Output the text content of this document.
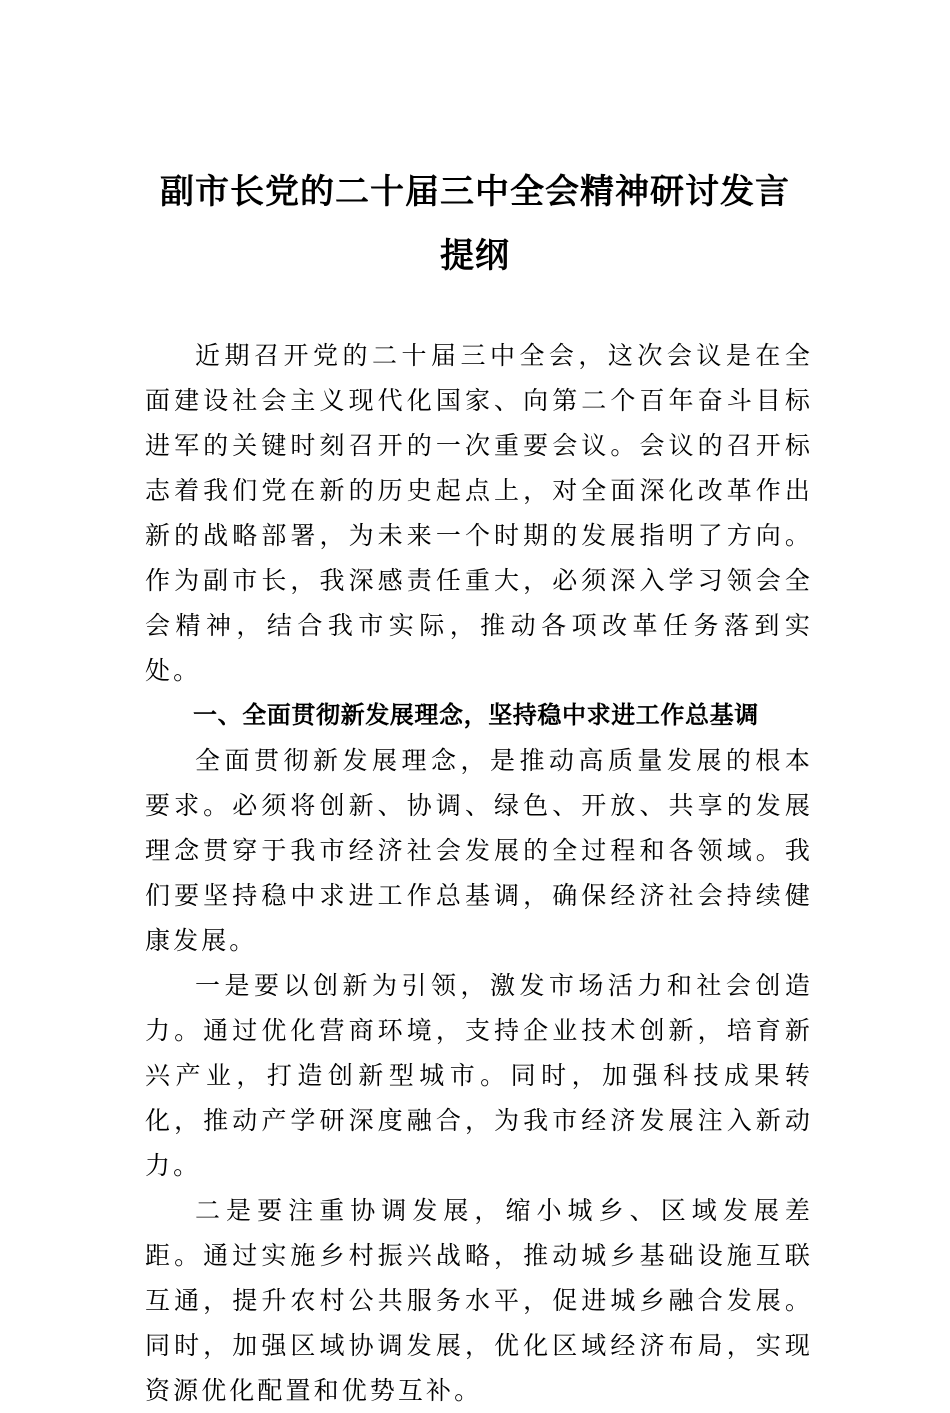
副市长党的二十届三中全会精神研讨发言
提纲

近期召开党的二十届三中全会，这次会议是在全面建设社会主义现代化国家、向第二个百年奋斗目标进军的关键时刻召开的一次重要会议。会议的召开标志着我们党在新的历史起点上，对全面深化改革作出新的战略部署，为未来一个时期的发展指明了方向。作为副市长，我深感责任重大，必须深入学习领会全会精神，结合我市实际，推动各项改革任务落到实处。

一、全面贯彻新发展理念，坚持稳中求进工作总基调

全面贯彻新发展理念，是推动高质量发展的根本要求。必须将创新、协调、绿色、开放、共享的发展理念贯穿于我市经济社会发展的全过程和各领域。我们要坚持稳中求进工作总基调，确保经济社会持续健康发展。

一是要以创新为引领，激发市场活力和社会创造力。通过优化营商环境，支持企业技术创新，培育新兴产业，打造创新型城市。同时，加强科技成果转化，推动产学研深度融合，为我市经济发展注入新动力。

二是要注重协调发展，缩小城乡、区域发展差距。通过实施乡村振兴战略，推动城乡基础设施互联互通，提升农村公共服务水平，促进城乡融合发展。同时，加强区域协调发展，优化区域经济布局，实现资源优化配置和优势互补。
